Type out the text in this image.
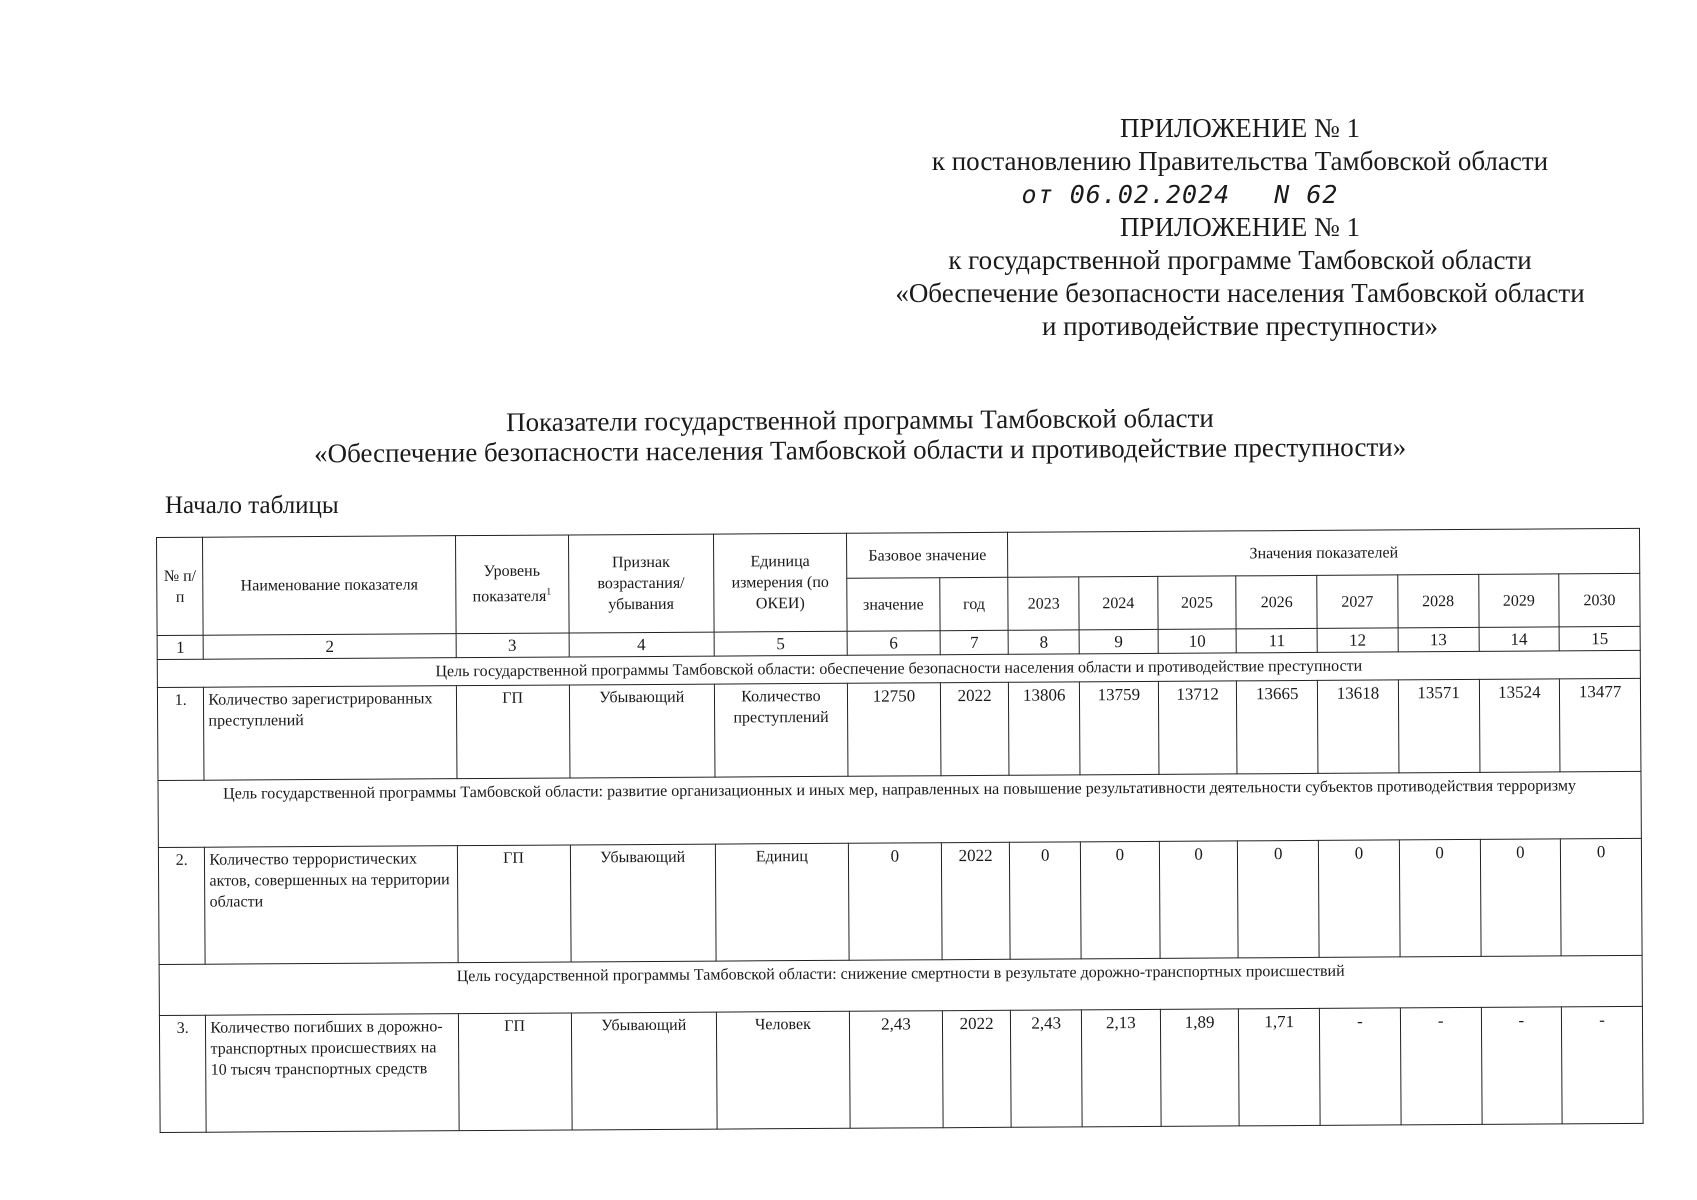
ПРИЛОЖЕНИЕ № 1
к постановлению Правительства Тамбовской области
от 06.02.2024 N 62
ПРИЛОЖЕНИЕ № 1
к государственной программе Тамбовской области
«Обеспечение безопасности населения Тамбовской области
и противодействие преступности»
Показатели государственной программы Тамбовской области
«Обеспечение безопасности населения Тамбовской области и противодействие преступности»
Начало таблицы
№ п/п	Наименование показателя	Уровень показателя$^1$	Признак возрастания/ убывания	Единица измерения (по ОКЕИ)	Базовое значение		Значения показателей							
					значение	год	2023	2024	2025	2026	2027	2028	2029	2030
1	2	3	4	5	6	7	8	9	10	11	12	13	14	15
Цель государственной программы Тамбовской области: обеспечение безопасности населения области и противодействие преступности														
1.	Количество зарегистрированных преступлений	ГП	Убывающий	Количество преступлений	12750	2022	13806	13759	13712	13665	13618	13571	13524	13477
Цель государственной программы Тамбовской области: развитие организационных и иных мер, направленных на повышение результативности деятельности субъектов противодействия терроризму														
2.	Количество террористических актов, совершенных на территории области	ГП	Убывающий	Единиц	0	2022	0	0	0	0	0	0	0	0
Цель государственной программы Тамбовской области: снижение смертности в результате дорожно-транспортных происшествий														
3.	Количество погибших в дорожно-транспортных происшествиях на 10 тысяч транспортных средств	ГП	Убывающий	Человек	2,43	2022	2,43	2,13	1,89	1,71	-	-	-	-
